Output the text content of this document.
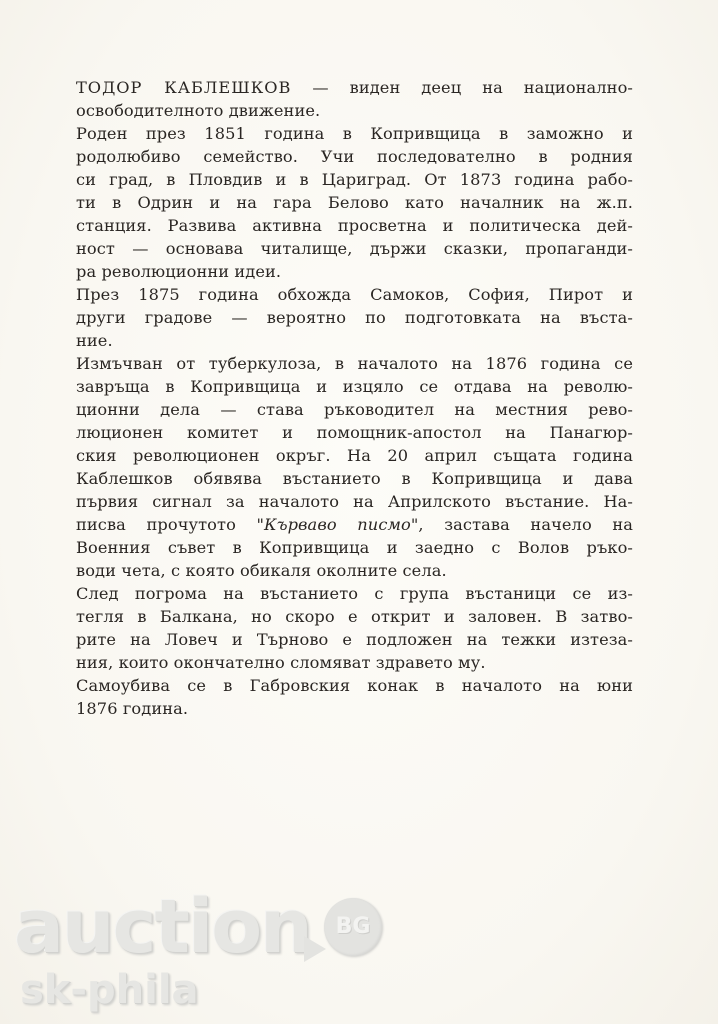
ТОДОР КАБЛЕШКОВ — виден деец на национално-
освободителното движение.
Роден през 1851 година в Копривщица в заможно и
родолюбиво семейство. Учи последователно в родния
си град, в Пловдив и в Цариград. От 1873 година рабо-
ти в Одрин и на гара Белово като началник на ж.п.
станция. Развива активна просветна и политическа дей-
ност — основава читалище, държи сказки, пропаганди-
ра революционни идеи.
През 1875 година обхожда Самоков, София, Пирот и
други градове — вероятно по подготовката на въста-
ние.
Измъчван от туберкулоза, в началото на 1876 година се
завръща в Копривщица и изцяло се отдава на револю-
ционни дела — става ръководител на местния рево-
люционен комитет и помощник-апостол на Панагюр-
ския революционен окръг. На 20 април същата година
Каблешков обявява въстанието в Копривщица и дава
първия сигнал за началото на Априлското въстание. На-
писва прочутото "Кърваво писмо", застава начело на
Военния съвет в Копривщица и заедно с Волов ръко-
води чета, с която обикаля околните села.
След погрома на въстанието с група въстаници се из-
тегля в Балкана, но скоро е открит и заловен. В затво-
рите на Ловеч и Търново е подложен на тежки изтеза-
ния, които окончателно сломяват здравето му.
Самоубива се в Габровския конак в началото на юни
1876 година.
auction	BG
sk-phila
